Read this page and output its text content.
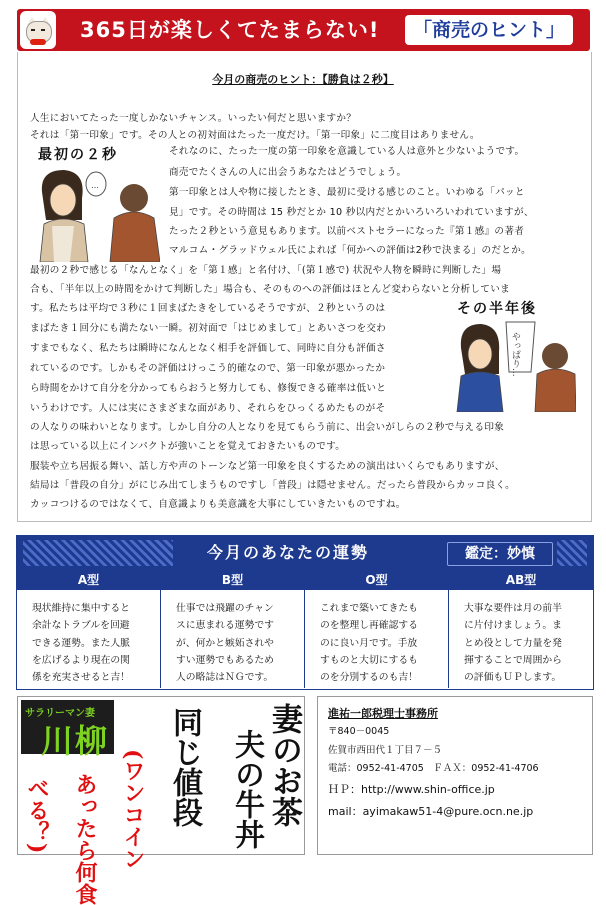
365日が楽しくてたまらない!	「商売のヒント」
今月の商売のヒント：【勝負は２秒】
最初の２秒
…
その半年後
やっぱり...
人生においてたった一度しかないチャンス。いったい何だと思いますか？
それは「第一印象」です。その人との初対面はたった一度だけ。「第一印象」に二度目はありません。
それなのに、たった一度の第一印象を意識している人は意外と少ないようです。
商売でたくさんの人に出会うあなたはどうでしょう。
第一印象とは人や物に接したとき、最初に受ける感じのこと。いわゆる「パッと
見」です。その時間は 15 秒だとか 10 秒以内だとかいろいろいわれていますが、
たった２秒という意見もあります。以前ベストセラーになった『第１感』の著者
マルコム・グラッドウェル氏によれば「何かへの評価は2秒で決まる」のだとか。
最初の２秒で感じる「なんとなく」を「第１感」と名付け、「(第１感で) 状況や人物を瞬時に判断した」場
合も、「半年以上の時間をかけて判断した」場合も、そのものへの評価はほとんど変わらないと分析していま
す。私たちは平均で３秒に１回まばたきをしているそうですが、２秒というのは
まばたき１回分にも満たない一瞬。初対面で「はじめまして」とあいさつを交わ
すまでもなく、私たちは瞬時になんとなく相手を評価して、同時に自分も評価さ
れているのです。しかもその評価はけっこう的確なので、第一印象が悪かったか
ら時間をかけて自分を分かってもらおうと努力しても、修復できる確率は低いと
いうわけです。人には実にさまざまな面があり、それらをひっくるめたものがそ
の人なりの味わいとなります。しかし自分の人となりを見てもらう前に、出会いがしらの２秒で与える印象
は思っている以上にインパクトが強いことを覚えておきたいものです。
服装や立ち居振る舞い、話し方や声のトーンなど第一印象を良くするための演出はいくらでもありますが、
結局は「普段の自分」がにじみ出てしまうものですし「普段」は隠せません。だったら普段からカッコ良く。
カッコつけるのではなくて、自意識よりも美意識を大事にしていきたいものですね。
今月のあなたの運勢	鑑定：妙慎
A型
現状維持に集中すると
余計なトラブルを回避
できる運勢。また人脈
を広げるより現在の関
係を充実させると吉！
B型
仕事では飛躍のチャン
スに恵まれる運勢です
が、何かと嫉妬されや
すい運勢でもあるため
人の略誌はＮＧです。
O型
これまで築いてきたも
のを整理し再確認する
のに良い月です。手放
すものと大切にするも
のを分別するのも吉！
AB型
大事な要件は月の前半
に片付けましょう。ま
とめ役として力量を発
揮することで周囲から
の評価もＵＰします。
サラリーマン妻
川柳	妻のお茶
夫の牛丼
同じ値段
(ワンコイン
あったら何食
べる？)
進祐一郎税理士事務所
〒840－0045
佐賀市西田代１丁目７－５
電話：0952-41-4705　ＦＡＸ：0952-41-4706
ＨＰ：http://www.shin-office.jp
mail：ayimakaw51-4@pure.ocn.ne.jp
